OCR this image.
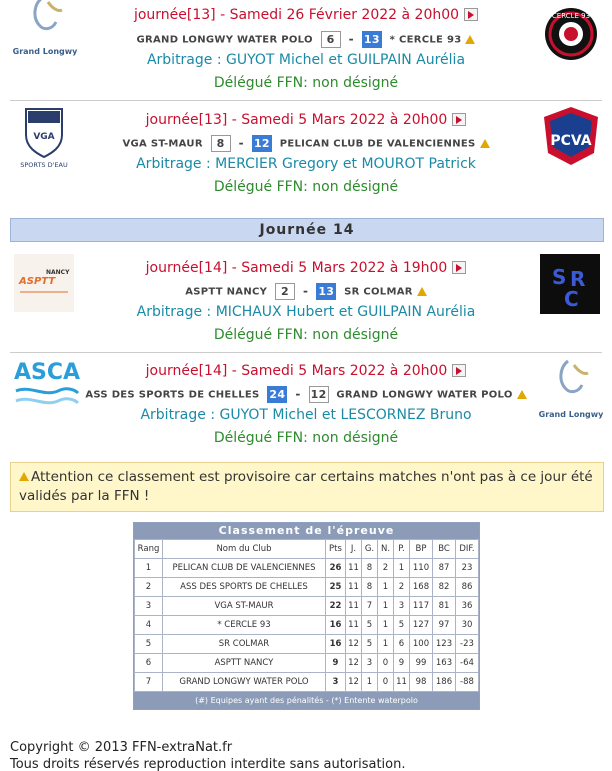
Grand Longwy
CERCLE 93
journée[13] - Samedi 26 Février 2022 à 20h00
GRAND LONGWY WATER POLO 6 - 13 * CERCLE 93
Arbitrage : GUYOT Michel et GUILPAIN Aurélia
Délégué FFN: non désigné
VGA
SPORTS D'EAU
PCVA
journée[13] - Samedi 5 Mars 2022 à 20h00
VGA ST-MAUR 8 - 12 PELICAN CLUB DE VALENCIENNES
Arbitrage : MERCIER Gregory et MOUROT Patrick
Délégué FFN: non désigné
Journée 14
ASPTT
NANCY	S R
C
journée[14] - Samedi 5 Mars 2022 à 19h00
ASPTT NANCY 2 - 13 SR COLMAR
Arbitrage : MICHAUX Hubert et GUILPAIN Aurélia
Délégué FFN: non désigné
ASCA
Grand Longwy
journée[14] - Samedi 5 Mars 2022 à 20h00
ASS DES SPORTS DE CHELLES 24 - 12 GRAND LONGWY WATER POLO
Arbitrage : GUYOT Michel et LESCORNEZ Bruno
Délégué FFN: non désigné
Attention ce classement est provisoire car certains matches n'ont pas à ce jour été validés par la FFN !
Classement de l'épreuve
Rang	Nom du Club	Pts	J.	G.	N.	P.	BP	BC	DIF.
1	PELICAN CLUB DE VALENCIENNES	26	11	8	2	1	110	87	23
2	ASS DES SPORTS DE CHELLES	25	11	8	1	2	168	82	86
3	VGA ST-MAUR	22	11	7	1	3	117	81	36
4	* CERCLE 93	16	11	5	1	5	127	97	30
5	SR COLMAR	16	12	5	1	6	100	123	-23
6	ASPTT NANCY	9	12	3	0	9	99	163	-64
7	GRAND LONGWY WATER POLO	3	12	1	0	11	98	186	-88
(#) Equipes ayant des pénalités - (*) Entente waterpolo
Copyright © 2013 FFN-extraNat.fr
Tous droits réservés reproduction interdite sans autorisation.
